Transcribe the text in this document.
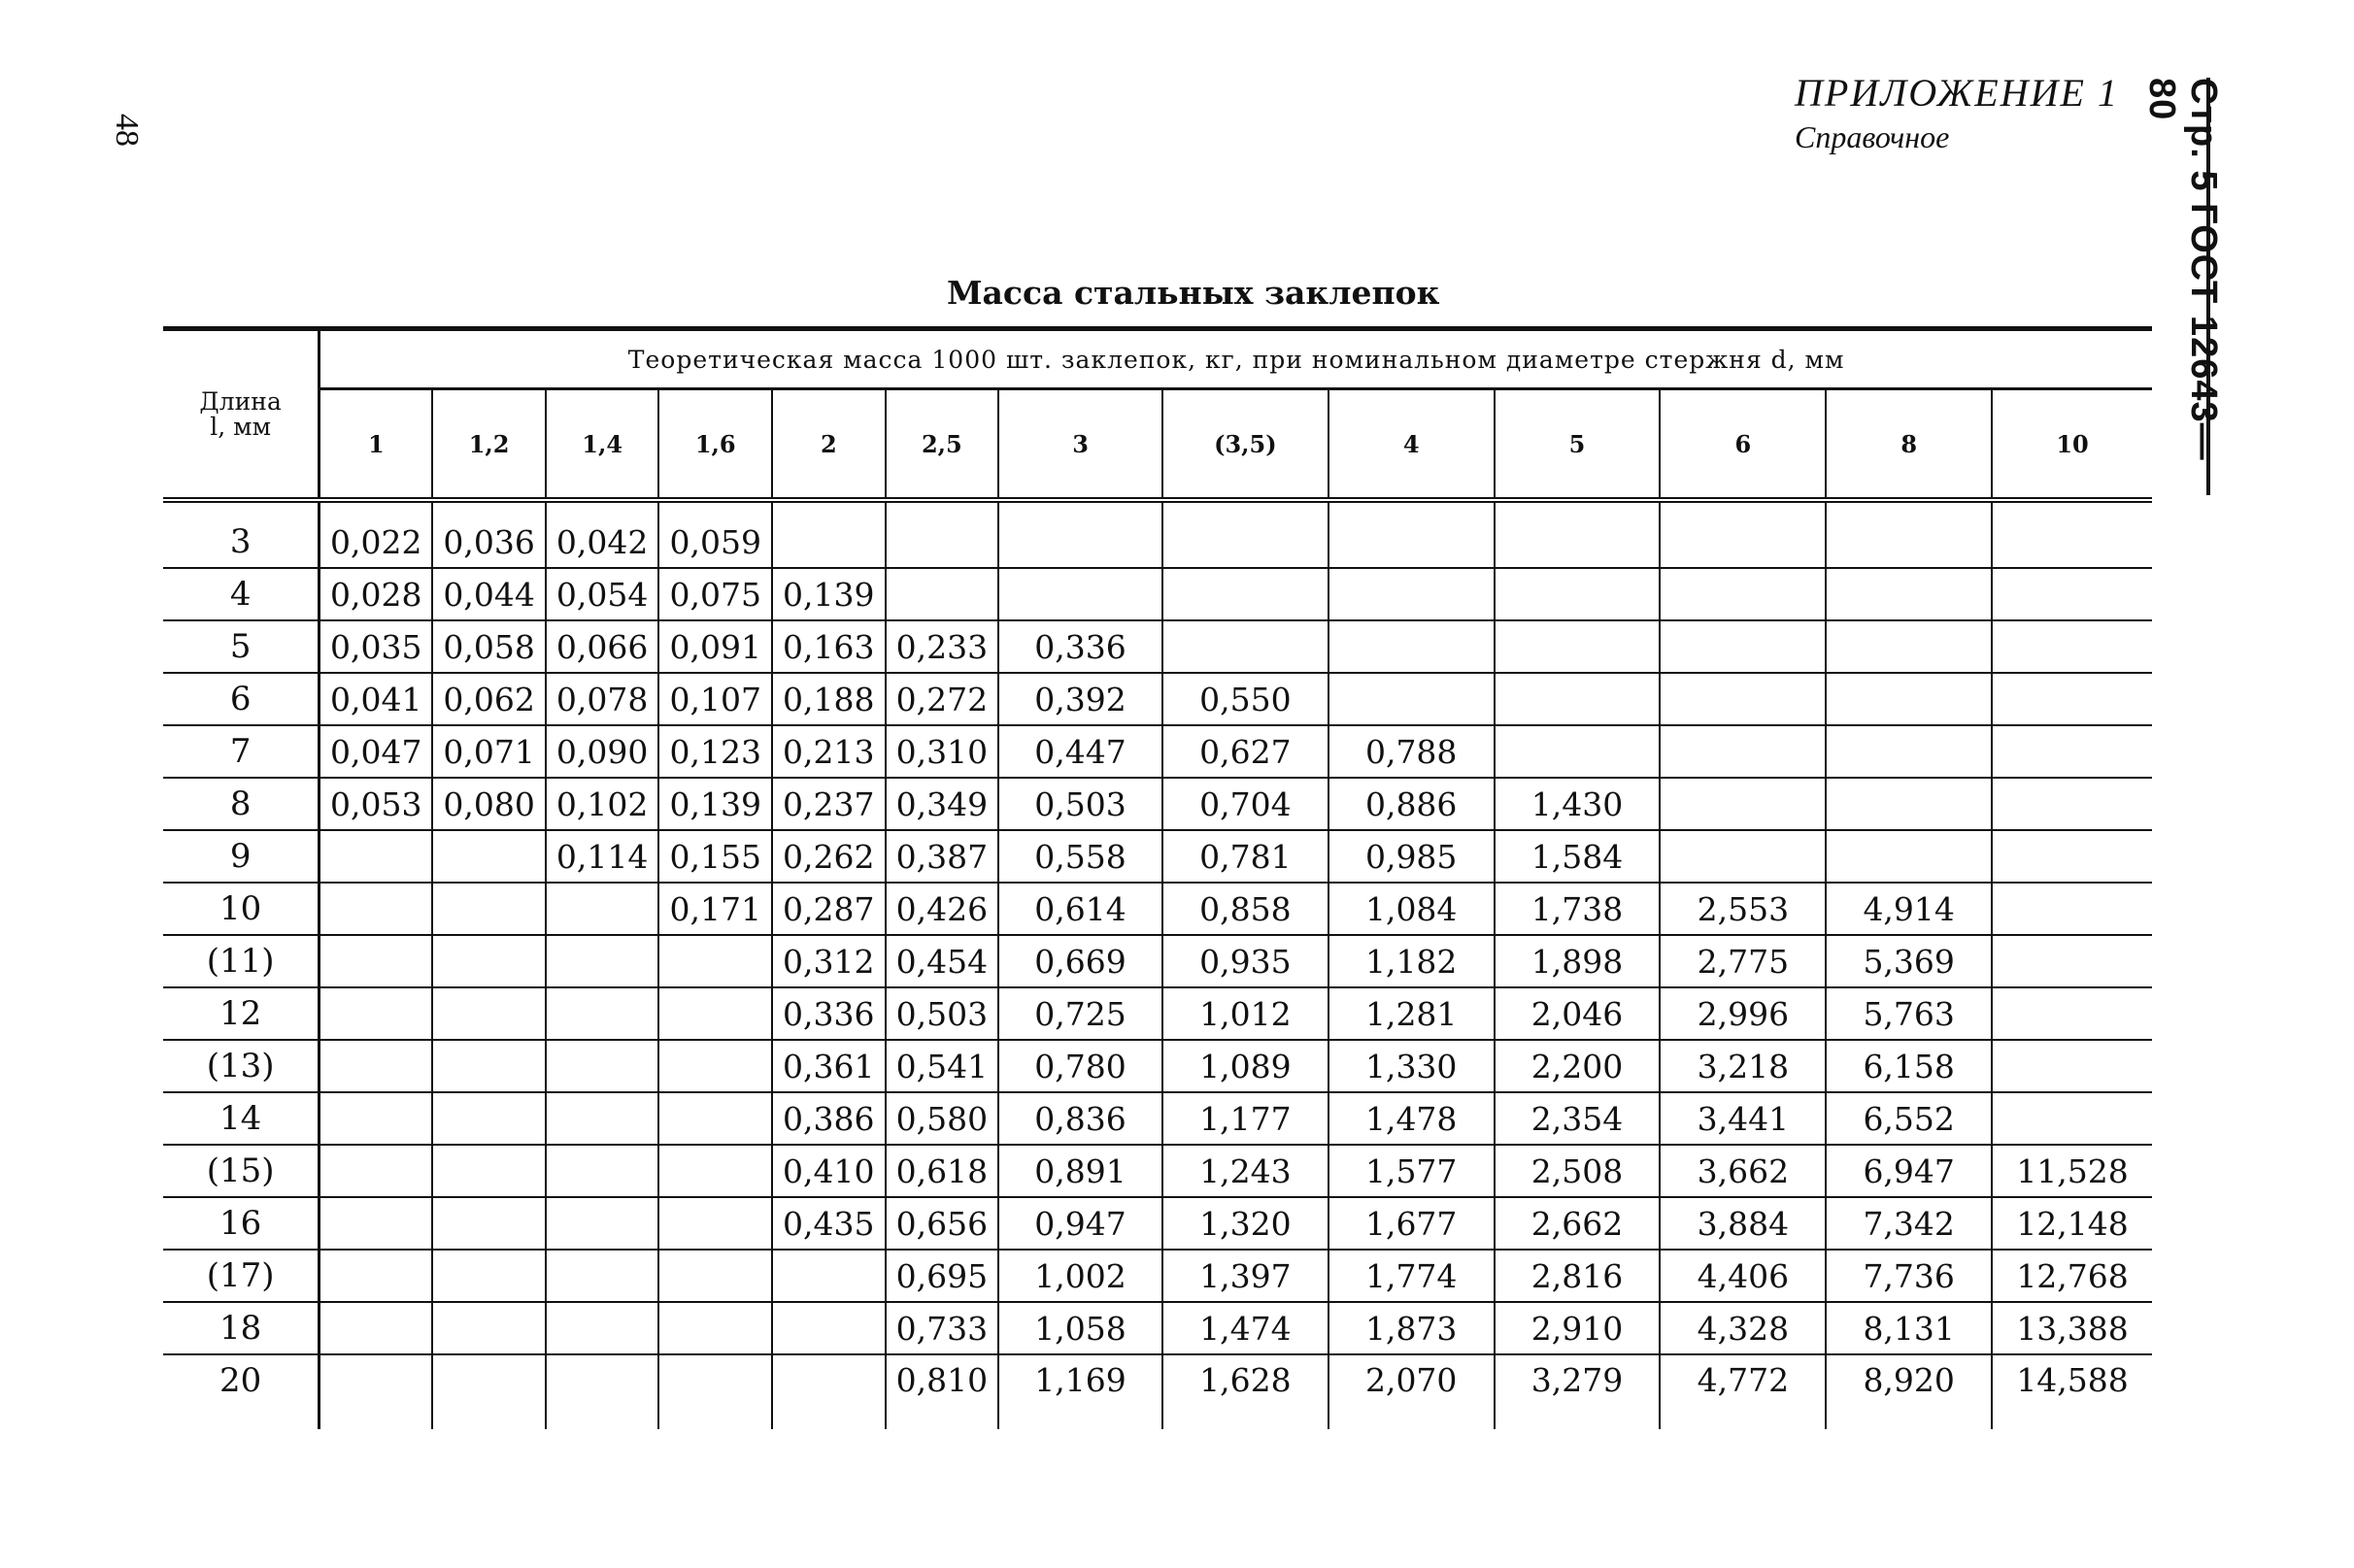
48
ПРИЛОЖЕНИЕ 1
Справочное	Стр. 5 ГОСТ 12643—80
Масса стальных заклепок
Длина
l, мм	Теоретическая масса 1000 шт. заклепок, кг, при номинальном диаметре стержня d, мм												
	1	1,2	1,4	1,6	2	2,5	3	(3,5)	4	5	6	8	10

3	0,022	0,036	0,042	0,059									
4	0,028	0,044	0,054	0,075	0,139								
5	0,035	0,058	0,066	0,091	0,163	0,233	0,336						
6	0,041	0,062	0,078	0,107	0,188	0,272	0,392	0,550					
7	0,047	0,071	0,090	0,123	0,213	0,310	0,447	0,627	0,788				
8	0,053	0,080	0,102	0,139	0,237	0,349	0,503	0,704	0,886	1,430			
9			0,114	0,155	0,262	0,387	0,558	0,781	0,985	1,584			
10				0,171	0,287	0,426	0,614	0,858	1,084	1,738	2,553	4,914	
(11)					0,312	0,454	0,669	0,935	1,182	1,898	2,775	5,369	
12					0,336	0,503	0,725	1,012	1,281	2,046	2,996	5,763	
(13)					0,361	0,541	0,780	1,089	1,330	2,200	3,218	6,158	
14					0,386	0,580	0,836	1,177	1,478	2,354	3,441	6,552	
(15)					0,410	0,618	0,891	1,243	1,577	2,508	3,662	6,947	11,528
16					0,435	0,656	0,947	1,320	1,677	2,662	3,884	7,342	12,148
(17)						0,695	1,002	1,397	1,774	2,816	4,406	7,736	12,768
18						0,733	1,058	1,474	1,873	2,910	4,328	8,131	13,388
20						0,810	1,169	1,628	2,070	3,279	4,772	8,920	14,588
